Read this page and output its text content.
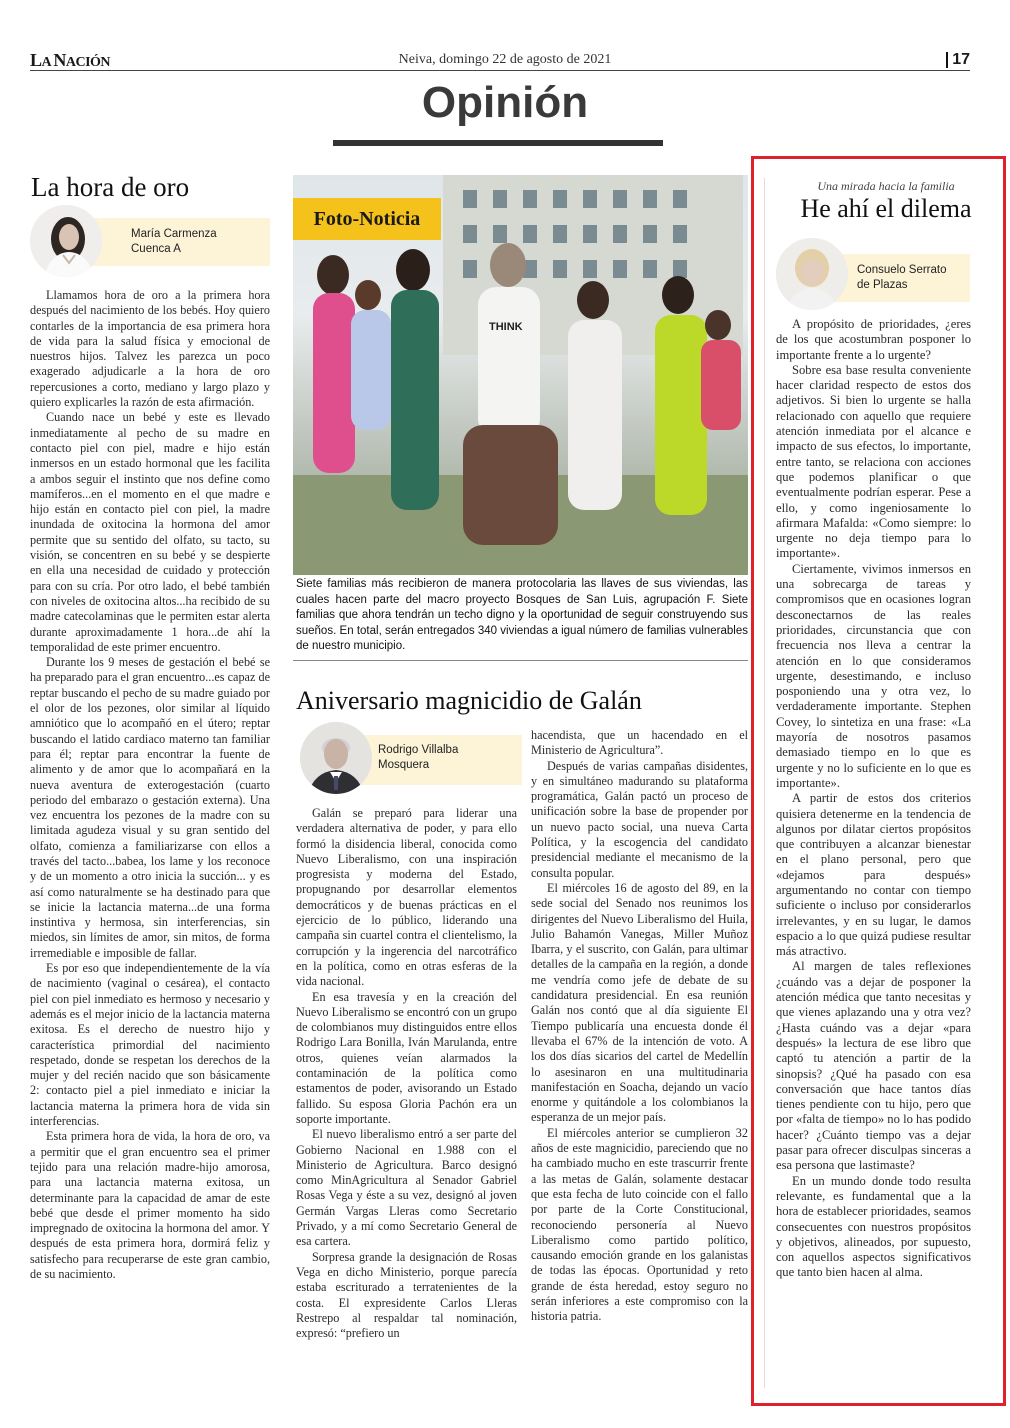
LA NACIÓN	Neiva, domingo 22 de agosto de 2021	17
Opinión
La hora de oro
María Carmenza
Cuenca A

Llamamos hora de oro a la primera hora después del nacimiento de los bebés. Hoy quiero contarles de la importancia de esa primera hora de vida para la salud física y emocional de nuestros hijos. Talvez les parezca un poco exagerado adjudicarle a la hora de oro repercusiones a corto, mediano y largo plazo y quiero explicarles la razón de esta afirmación.

Cuando nace un bebé y este es llevado inmediatamente al pecho de su madre en contacto piel con piel, madre e hijo están inmersos en un estado hormonal que les facilita a ambos seguir el instinto que nos define como mamíferos...en el momento en el que madre e hijo están en contacto piel con piel, la madre inundada de oxitocina la hormona del amor permite que su sentido del olfato, su tacto, su visión, se concentren en su bebé y se despierte en ella una necesidad de cuidado y protección para con su cría. Por otro lado, el bebé también con niveles de oxitocina altos...ha recibido de su madre catecolaminas que le permiten estar alerta durante aproximadamente 1 hora...de ahí la temporalidad de este primer encuentro.

Durante los 9 meses de gestación el bebé se ha preparado para el gran encuentro...es capaz de reptar buscando el pecho de su madre guiado por el olor de los pezones, olor similar al líquido amniótico que lo acompañó en el útero; reptar buscando el latido cardiaco materno tan familiar para él; reptar para encontrar la fuente de alimento y de amor que lo acompañará en la nueva aventura de exterogestación (cuarto periodo del embarazo o gestación externa). Una vez encuentra los pezones de la madre con su limitada agudeza visual y su gran sentido del olfato, comienza a familiarizarse con ellos a través del tacto...babea, los lame y los reconoce y de un momento a otro inicia la succión... y es así como naturalmente se ha destinado para que se inicie la lactancia materna...de una forma instintiva y hermosa, sin interferencias, sin miedos, sin límites de amor, sin mitos, de forma irremediable e imposible de fallar.

Es por eso que independientemente de la vía de nacimiento (vaginal o cesárea), el contacto piel con piel inmediato es hermoso y necesario y además es el mejor inicio de la lactancia materna exitosa. Es el derecho de nuestro hijo y característica primordial del nacimiento respetado, donde se respetan los derechos de la mujer y del recién nacido que son básicamente 2: contacto piel a piel inmediato e iniciar la lactancia materna la primera hora de vida sin interferencias.

Esta primera hora de vida, la hora de oro, va a permitir que el gran encuentro sea el primer tejido para una relación madre-hijo amorosa, para una lactancia materna exitosa, un determinante para la capacidad de amar de este bebé que desde el primer momento ha sido impregnado de oxitocina la hormona del amor. Y después de esta primera hora, dormirá feliz y satisfecho para recuperarse de este gran cambio, de su nacimiento.

THINK
Foto-Noticia
Siete familias más recibieron de manera protocolaria las llaves de sus viviendas, las cuales hacen parte del macro proyecto Bosques de San Luis, agrupación F. Siete familias que ahora tendrán un techo digno y la oportunidad de seguir construyendo sus sueños. En total, serán entregados 340 viviendas a igual número de familias vulnerables de nuestro municipio.
Aniversario magnicidio de Galán
Rodrigo Villalba
Mosquera

Galán se preparó para liderar una verdadera alternativa de poder, y para ello formó la disidencia liberal, conocida como Nuevo Liberalismo, con una inspiración progresista y moderna del Estado, propugnando por desarrollar elementos democráticos y de buenas prácticas en el ejercicio de lo público, liderando una campaña sin cuartel contra el clientelismo, la corrupción y la ingerencia del narcotráfico en la política, como en otras esferas de la vida nacional.

En esa travesía y en la creación del Nuevo Liberalismo se encontró con un grupo de colombianos muy distinguidos entre ellos Rodrigo Lara Bonilla, Iván Marulanda, entre otros, quienes veían alarmados la contaminación de la política como estamentos de poder, avisorando un Estado fallido. Su esposa Gloria Pachón era un soporte importante.

El nuevo liberalismo entró a ser parte del Gobierno Nacional en 1.988 con el Ministerio de Agricultura. Barco designó como MinAgricultura al Senador Gabriel Rosas Vega y éste a su vez, designó al joven Germán Vargas Lleras como Secretario Privado, y a mí como Secretario General de esa cartera.

Sorpresa grande la designación de Rosas Vega en dicho Ministerio, porque parecía estaba escriturado a terratenientes de la costa. El expresidente Carlos Lleras Restrepo al respaldar tal nominación, expresó: “prefiero un

hacendista, que un hacendado en el Ministerio de Agricultura”.

Después de varias campañas disidentes, y en simultáneo madurando su plataforma programática, Galán pactó un proceso de unificación sobre la base de propender por un nuevo pacto social, una nueva Carta Política, y la escogencia del candidato presidencial mediante el mecanismo de la consulta popular.

El miércoles 16 de agosto del 89, en la sede social del Senado nos reunimos los dirigentes del Nuevo Liberalismo del Huila, Julio Bahamón Vanegas, Miller Muñoz Ibarra, y el suscrito, con Galán, para ultimar detalles de la campaña en la región, a donde me vendría como jefe de debate de su candidatura presidencial. En esa reunión Galán nos contó que al día siguiente El Tiempo publicaría una encuesta donde él llevaba el 67% de la intención de voto. A los dos días sicarios del cartel de Medellín lo asesinaron en una multitudinaria manifestación en Soacha, dejando un vacío enorme y quitándole a los colombianos la esperanza de un mejor país.

El miércoles anterior se cumplieron 32 años de este magnicidio, pareciendo que no ha cambiado mucho en este trascurrir frente a las metas de Galán, solamente destacar que esta fecha de luto coincide con el fallo por parte de la Corte Constitucional, reconociendo personería al Nuevo Liberalismo como partido político, causando emoción grande en los galanistas de todas las épocas. Oportunidad y reto grande de ésta heredad, estoy seguro no serán inferiores a este compromiso con la historia patria.

Una mirada hacia la familia
He ahí el dilema
Consuelo Serrato
de Plazas

A propósito de prioridades, ¿eres de los que acostumbran posponer lo importante frente a lo urgente?

Sobre esa base resulta conveniente hacer claridad respecto de estos dos adjetivos. Si bien lo urgente se halla relacionado con aquello que requiere atención inmediata por el alcance e impacto de sus efectos, lo importante, entre tanto, se relaciona con acciones que podemos planificar o que eventualmente podrían esperar. Pese a ello, y como ingeniosamente lo afirmara Mafalda: «Como siempre: lo urgente no deja tiempo para lo importante».

Ciertamente, vivimos inmersos en una sobrecarga de tareas y compromisos que en ocasiones logran desconectarnos de las reales prioridades, circunstancia que con frecuencia nos lleva a centrar la atención en lo que consideramos urgente, desestimando, e incluso posponiendo una y otra vez, lo verdaderamente importante. Stephen Covey, lo sintetiza en una frase: «La mayoría de nosotros pasamos demasiado tiempo en lo que es urgente y no lo suficiente en lo que es importante».

A partir de estos dos criterios quisiera detenerme en la tendencia de algunos por dilatar ciertos propósitos que contribuyen a alcanzar bienestar en el plano personal, pero que «dejamos para después» argumentando no contar con tiempo suficiente o incluso por considerarlos irrelevantes, y en su lugar, le damos espacio a lo que quizá pudiese resultar más atractivo.

Al margen de tales reflexiones ¿cuándo vas a dejar de posponer la atención médica que tanto necesitas y que vienes aplazando una y otra vez? ¿Hasta cuándo vas a dejar «para después» la lectura de ese libro que captó tu atención a partir de la sinopsis? ¿Qué ha pasado con esa conversación que hace tantos días tienes pendiente con tu hijo, pero que por «falta de tiempo» no lo has podido hacer? ¿Cuánto tiempo vas a dejar pasar para ofrecer disculpas sinceras a esa persona que lastimaste?

En un mundo donde todo resulta relevante, es fundamental que a la hora de establecer prioridades, seamos consecuentes con nuestros propósitos y objetivos, alineados, por supuesto, con aquellos aspectos significativos que tanto bien hacen al alma.
